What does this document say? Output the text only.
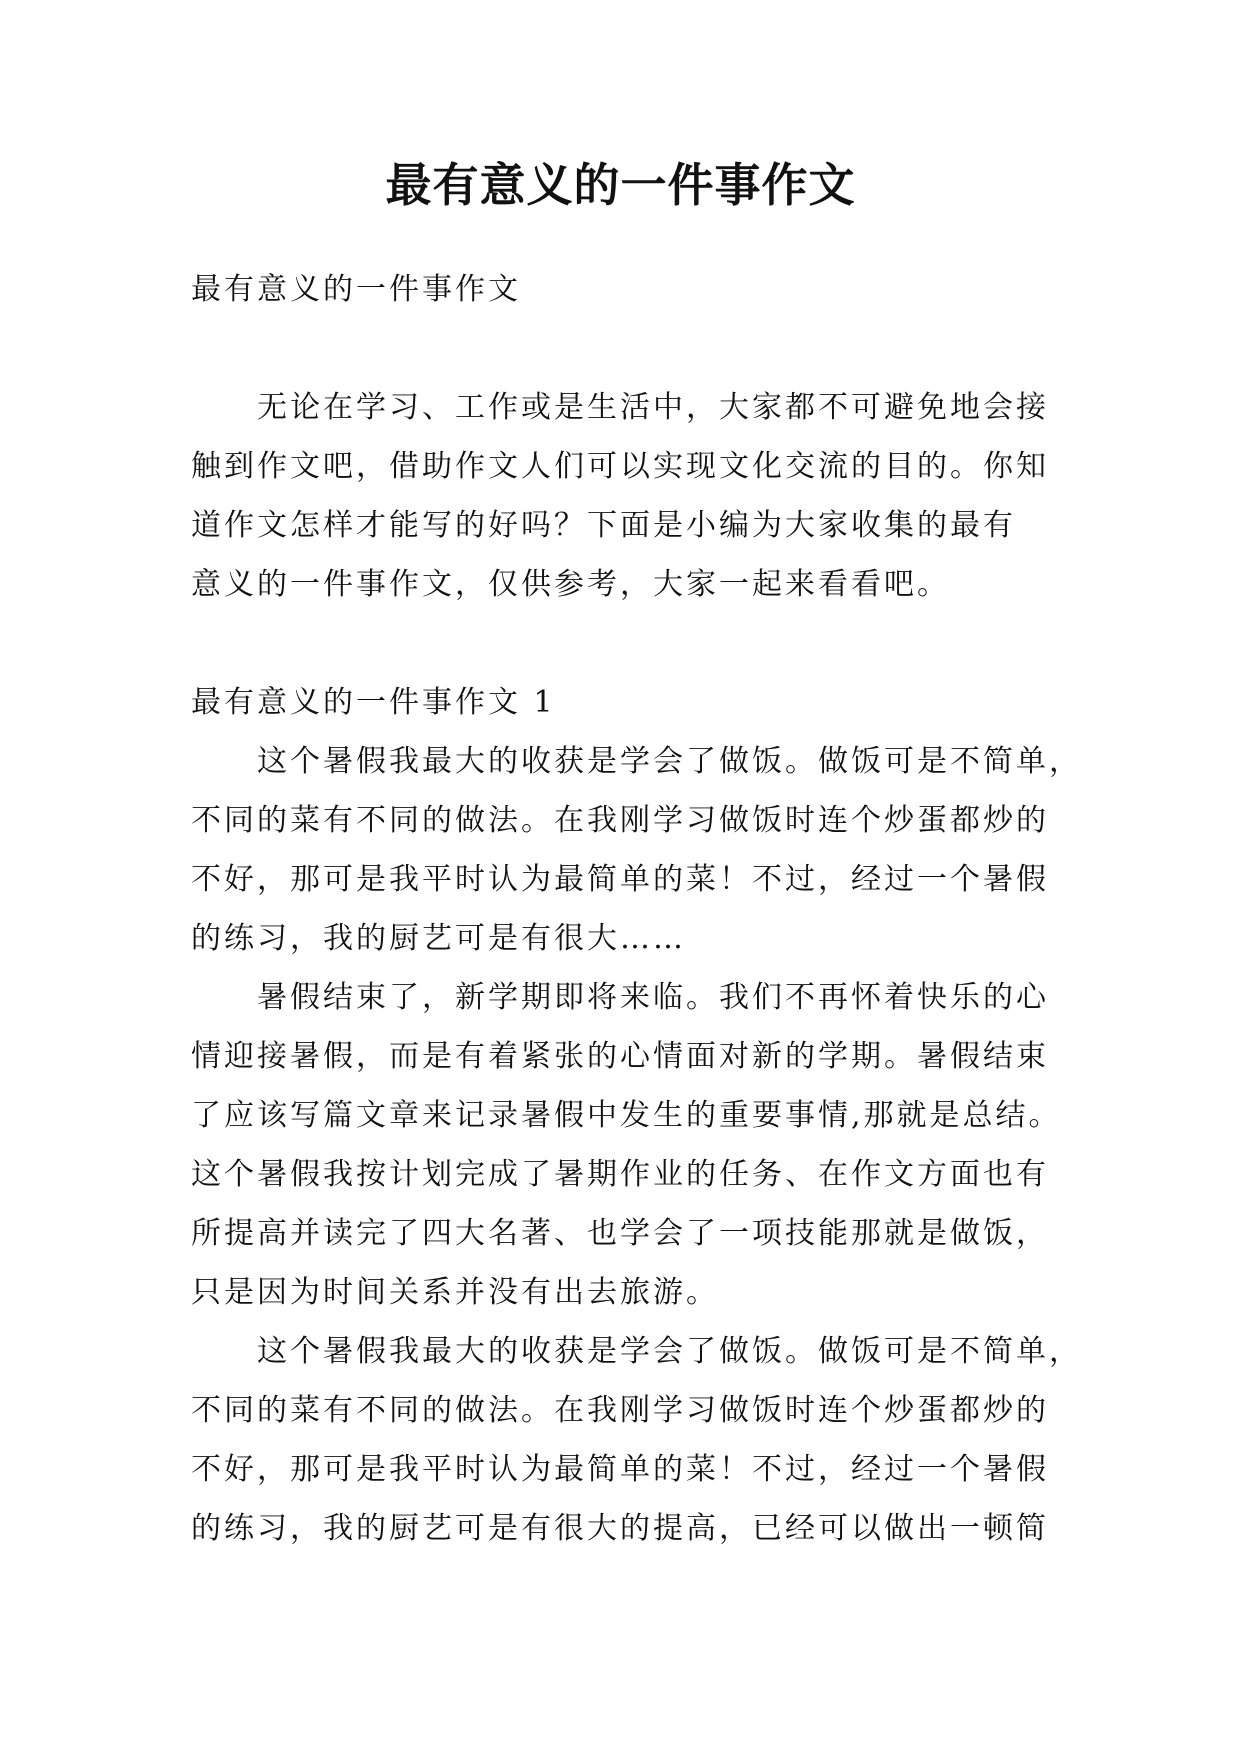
最有意义的一件事作文

最有意义的一件事作文

无论在学习、工作或是生活中，大家都不可避免地会接

触到作文吧，借助作文人们可以实现文化交流的目的。你知

道作文怎样才能写的好吗？下面是小编为大家收集的最有

意义的一件事作文，仅供参考，大家一起来看看吧。

最有意义的一件事作文 1

这个暑假我最大的收获是学会了做饭。做饭可是不简单，

不同的菜有不同的做法。在我刚学习做饭时连个炒蛋都炒的

不好，那可是我平时认为最简单的菜！不过，经过一个暑假

的练习，我的厨艺可是有很大……

暑假结束了，新学期即将来临。我们不再怀着快乐的心

情迎接暑假，而是有着紧张的心情面对新的学期。暑假结束

了应该写篇文章来记录暑假中发生的重要事情,那就是总结。

这个暑假我按计划完成了暑期作业的任务、在作文方面也有

所提高并读完了四大名著、也学会了一项技能那就是做饭，

只是因为时间关系并没有出去旅游。

这个暑假我最大的收获是学会了做饭。做饭可是不简单，

不同的菜有不同的做法。在我刚学习做饭时连个炒蛋都炒的

不好，那可是我平时认为最简单的菜！不过，经过一个暑假

的练习，我的厨艺可是有很大的提高，已经可以做出一顿简
